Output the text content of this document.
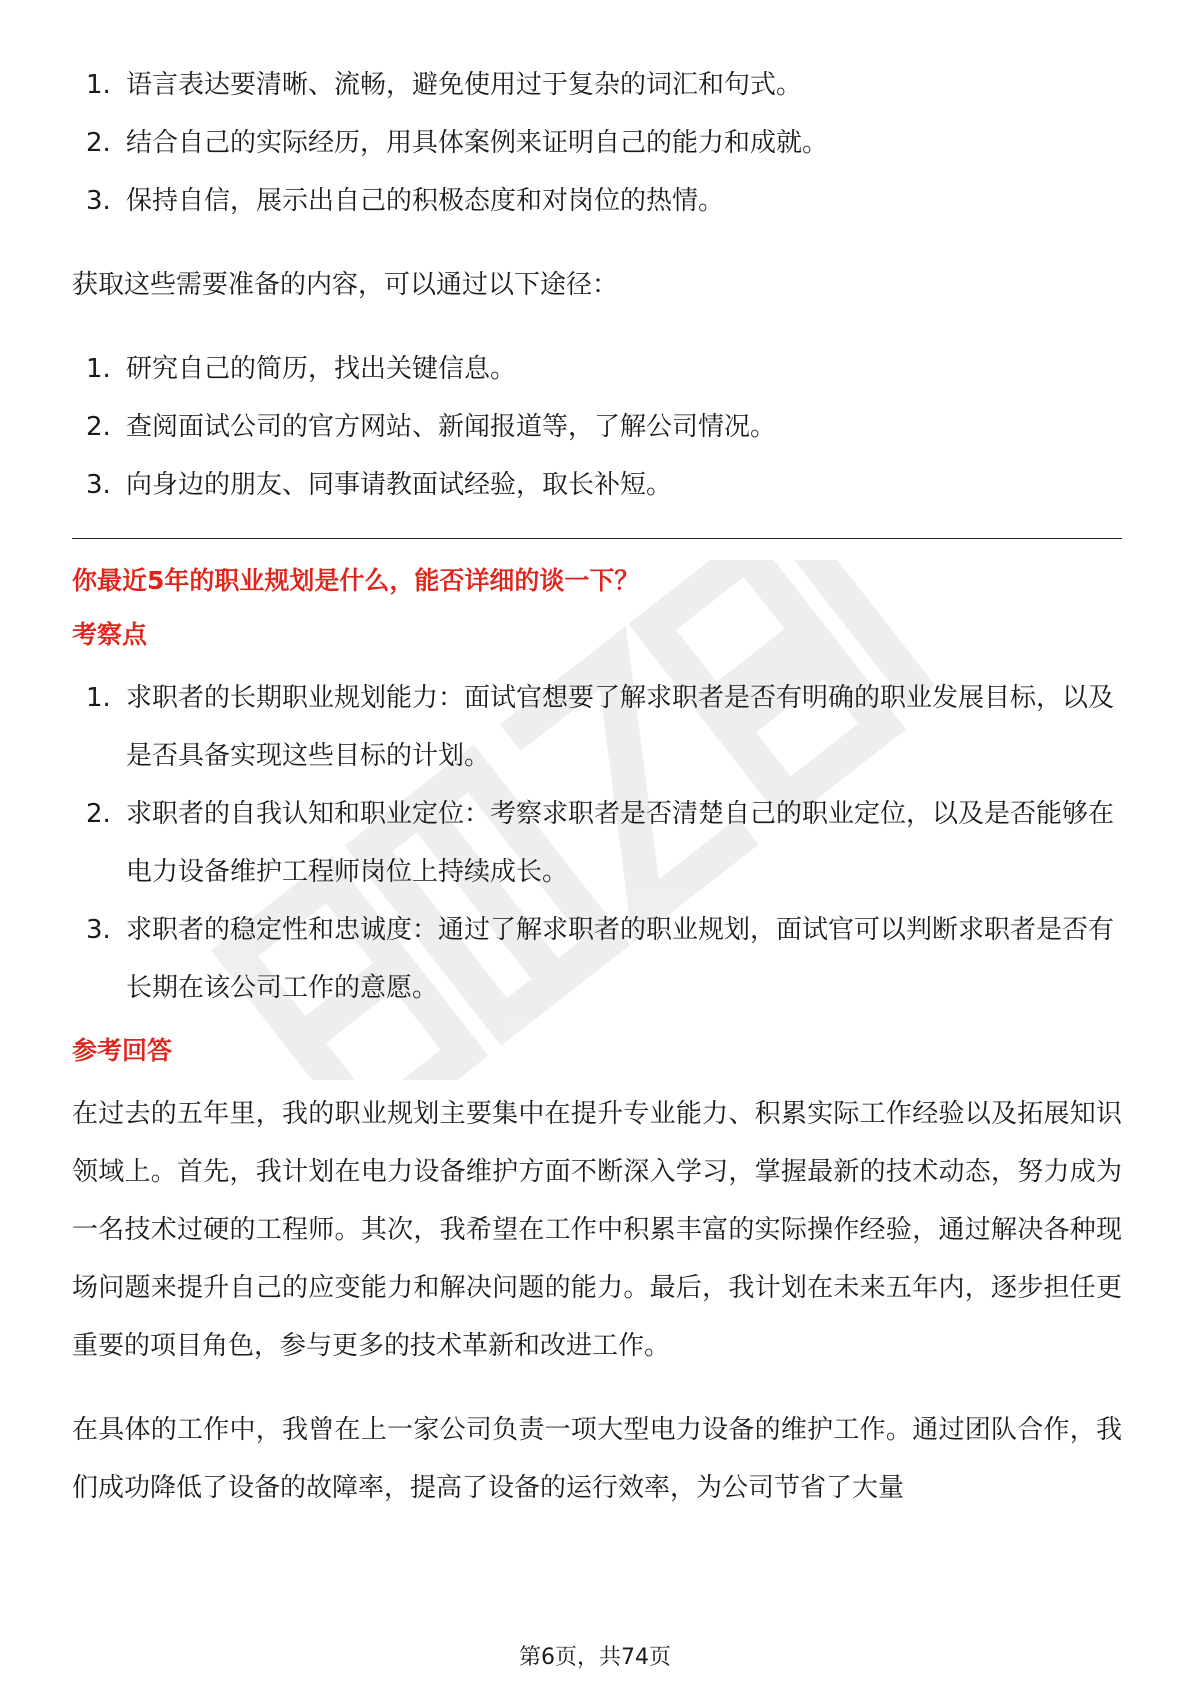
1. 语言表达要清晰、流畅，避免使用过于复杂的词汇和句式。
2. 结合自己的实际经历，用具体案例来证明自己的能力和成就。
3. 保持自信，展示出自己的积极态度和对岗位的热情。

获取这些需要准备的内容，可以通过以下途径：

1. 研究自己的简历，找出关键信息。
2. 查阅面试公司的官方网站、新闻报道等，了解公司情况。
3. 向身边的朋友、同事请教面试经验，取长补短。

你最近5年的职业规划是什么，能否详细的谈一下？

考察点

1. 求职者的长期职业规划能力：面试官想要了解求职者是否有明确的职业发展目标，以及是否具备实现这些目标的计划。
2. 求职者的自我认知和职业定位：考察求职者是否清楚自己的职业定位，以及是否能够在电力设备维护工程师岗位上持续成长。
3. 求职者的稳定性和忠诚度：通过了解求职者的职业规划，面试官可以判断求职者是否有长期在该公司工作的意愿。

参考回答

在过去的五年里，我的职业规划主要集中在提升专业能力、积累实际工作经验以及拓展知识领域上。首先，我计划在电力设备维护方面不断深入学习，掌握最新的技术动态，努力成为一名技术过硬的工程师。其次，我希望在工作中积累丰富的实际操作经验，通过解决各种现场问题来提升自己的应变能力和解决问题的能力。最后，我计划在未来五年内，逐步担任更重要的项目角色，参与更多的技术革新和改进工作。

在具体的工作中，我曾在上一家公司负责一项大型电力设备的维护工作。通过团队合作，我们成功降低了设备的故障率，提高了设备的运行效率，为公司节省了大量

第6页，共74页
